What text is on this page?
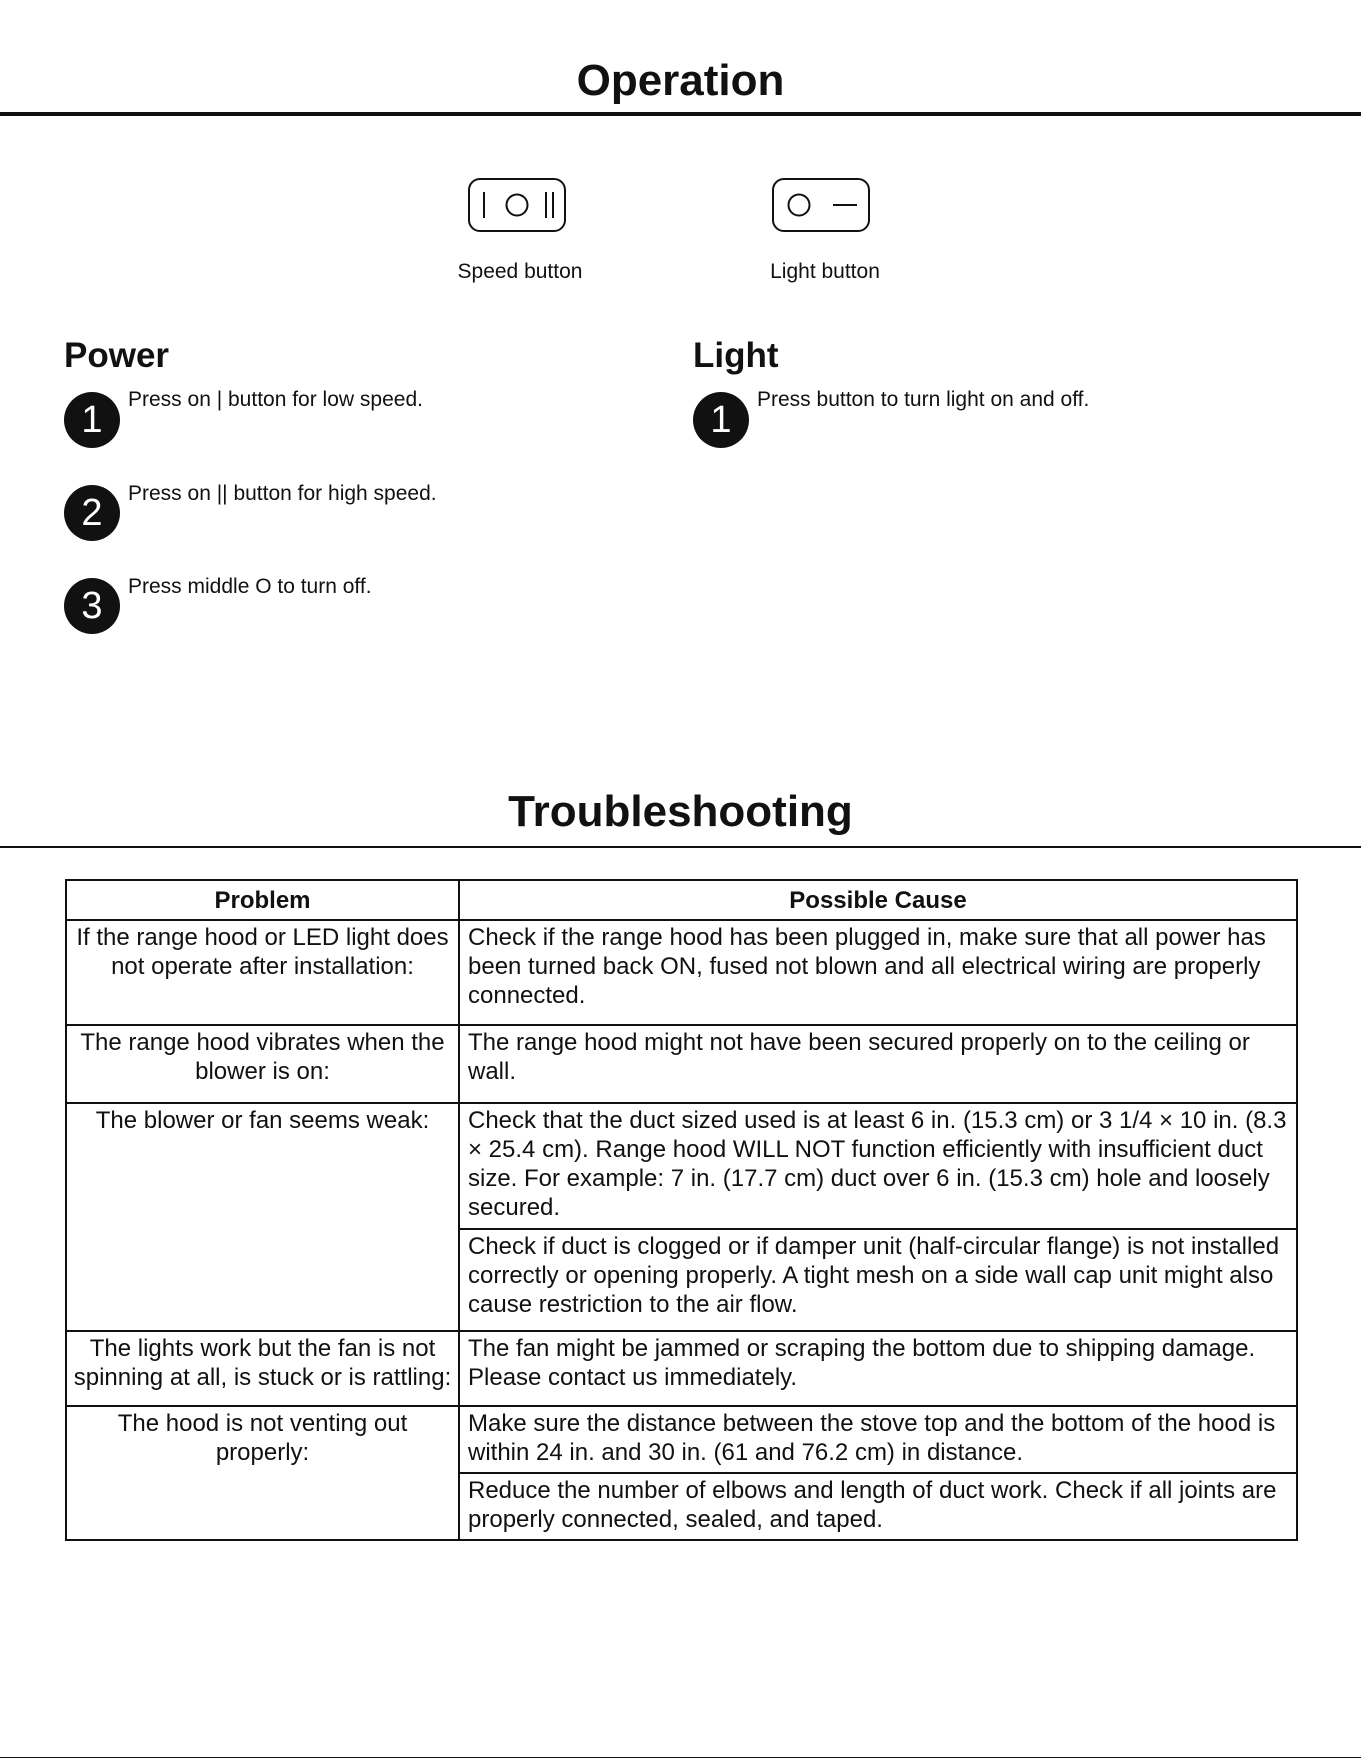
Operation
Speed button	Light button
Power
1	Press on | button for low speed.
2	Press on || button for high speed.
3	Press middle O to turn off.
Light
1	Press button to turn light on and off.
Troubleshooting
Problem	Possible Cause
If the range hood or LED light does not operate after installation:	Check if the range hood has been plugged in, make sure that all power has been turned back ON, fused not blown and all electrical wiring are properly connected.
The range hood vibrates when the blower is on:	The range hood might not have been secured properly on to the ceiling or wall.
The blower or fan seems weak:	Check that the duct sized used is at least 6 in. (15.3 cm) or 3 1/4 × 10 in. (8.3 × 25.4 cm). Range hood WILL NOT function efficiently with insufficient duct size. For example: 7 in. (17.7 cm) duct over 6 in. (15.3 cm) hole and loosely secured.
	Check if duct is clogged or if damper unit (half-circular flange) is not installed correctly or opening properly. A tight mesh on a side wall cap unit might also cause restriction to the air flow.
The lights work but the fan is not spinning at all, is stuck or is rattling:	The fan might be jammed or scraping the bottom due to shipping damage. Please contact us immediately.
The hood is not venting out properly:	Make sure the distance between the stove top and the bottom of the hood is within 24 in. and 30 in. (61 and 76.2 cm) in distance.
	Reduce the number of elbows and length of duct work. Check if all joints are properly connected, sealed, and taped.
